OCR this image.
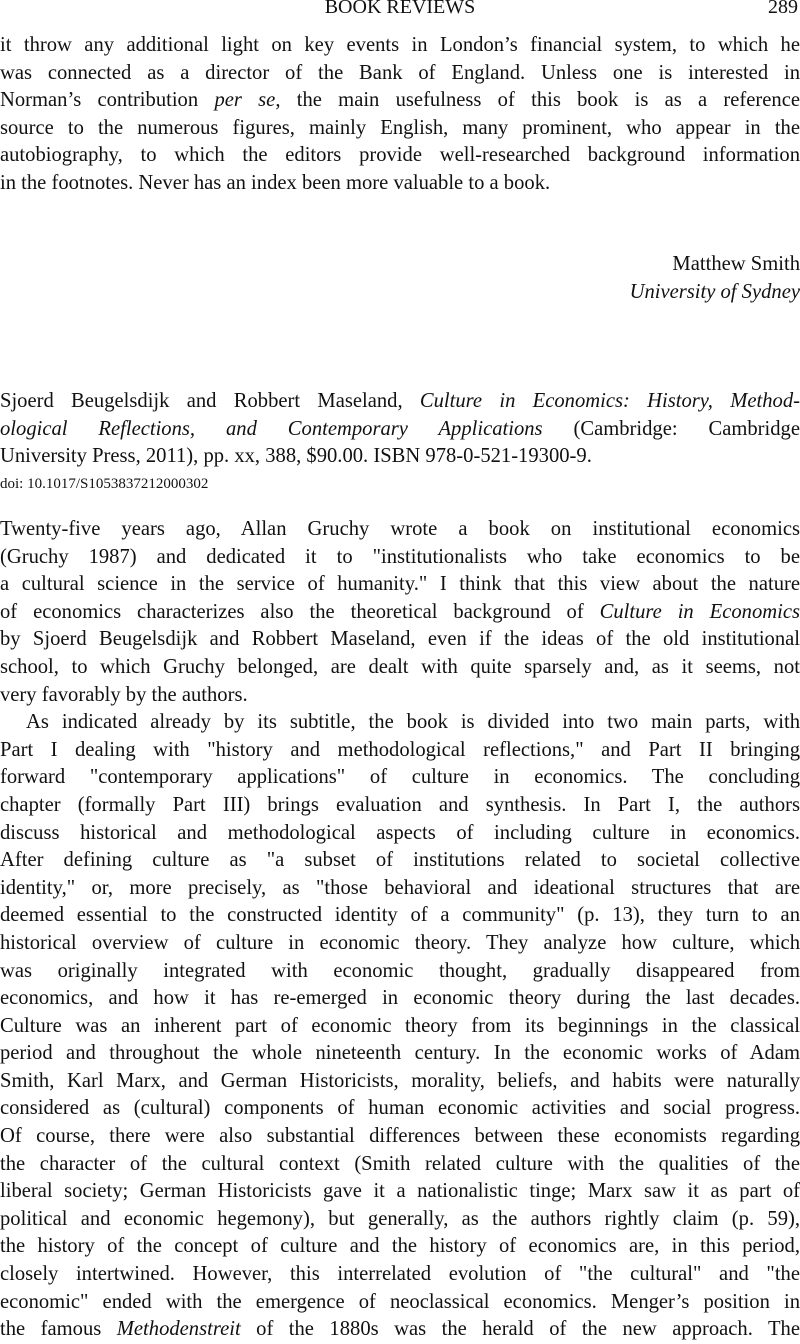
BOOK REVIEWS	289
it throw any additional light on key events in London’s financial system, to which he
was connected as a director of the Bank of England. Unless one is interested in
Norman’s contribution per se, the main usefulness of this book is as a reference
source to the numerous figures, mainly English, many prominent, who appear in the
autobiography, to which the editors provide well-researched background information
in the footnotes. Never has an index been more valuable to a book.
Matthew Smith
University of Sydney
Sjoerd Beugelsdijk and Robbert Maseland, Culture in Economics: History, Method-
ological Reflections, and Contemporary Applications (Cambridge: Cambridge
University Press, 2011), pp. xx, 388, $90.00. ISBN 978-0-521-19300-9.
doi: 10.1017/S1053837212000302
Twenty-five years ago, Allan Gruchy wrote a book on institutional economics
(Gruchy 1987) and dedicated it to "institutionalists who take economics to be
a cultural science in the service of humanity." I think that this view about the nature
of economics characterizes also the theoretical background of Culture in Economics
by Sjoerd Beugelsdijk and Robbert Maseland, even if the ideas of the old institutional
school, to which Gruchy belonged, are dealt with quite sparsely and, as it seems, not
very favorably by the authors.
As indicated already by its subtitle, the book is divided into two main parts, with
Part I dealing with "history and methodological reflections," and Part II bringing
forward "contemporary applications" of culture in economics. The concluding
chapter (formally Part III) brings evaluation and synthesis. In Part I, the authors
discuss historical and methodological aspects of including culture in economics.
After defining culture as "a subset of institutions related to societal collective
identity," or, more precisely, as "those behavioral and ideational structures that are
deemed essential to the constructed identity of a community" (p. 13), they turn to an
historical overview of culture in economic theory. They analyze how culture, which
was originally integrated with economic thought, gradually disappeared from
economics, and how it has re-emerged in economic theory during the last decades.
Culture was an inherent part of economic theory from its beginnings in the classical
period and throughout the whole nineteenth century. In the economic works of Adam
Smith, Karl Marx, and German Historicists, morality, beliefs, and habits were naturally
considered as (cultural) components of human economic activities and social progress.
Of course, there were also substantial differences between these economists regarding
the character of the cultural context (Smith related culture with the qualities of the
liberal society; German Historicists gave it a nationalistic tinge; Marx saw it as part of
political and economic hegemony), but generally, as the authors rightly claim (p. 59),
the history of the concept of culture and the history of economics are, in this period,
closely intertwined. However, this interrelated evolution of "the cultural" and "the
economic" ended with the emergence of neoclassical economics. Menger’s position in
the famous Methodenstreit of the 1880s was the herald of the new approach. The
